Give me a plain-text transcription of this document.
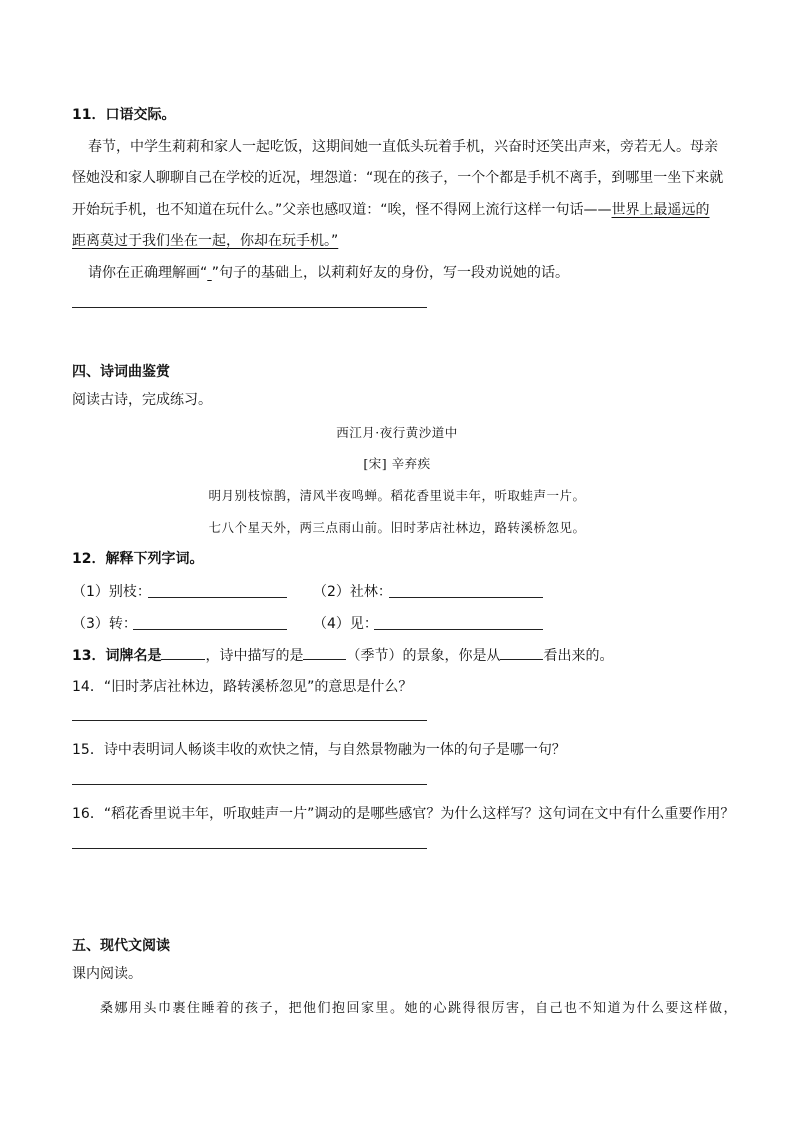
11．口语交际。
春节，中学生莉莉和家人一起吃饭，这期间她一直低头玩着手机，兴奋时还笑出声来，旁若无人。母亲
怪她没和家人聊聊自己在学校的近况，埋怨道：“现在的孩子，一个个都是手机不离手，到哪里一坐下来就
开始玩手机，也不知道在玩什么。”父亲也感叹道：“唉，怪不得网上流行这样一句话——世界上最遥远的
距离莫过于我们坐在一起，你却在玩手机。”
请你在正确理解画“ ”句子的基础上，以莉莉好友的身份，写一段劝说她的话。
四、诗词曲鉴赏
阅读古诗，完成练习。
西江月·夜行黄沙道中
[宋] 辛弃疾
明月别枝惊鹊，清风半夜鸣蝉。稻花香里说丰年，听取蛙声一片。
七八个星天外，两三点雨山前。旧时茅店社林边，路转溪桥忽见。
12．解释下列字词。
（1）别枝：	（2）社林：
（3）转：	（4）见：
13．词牌名是	，诗中描写的是	（季节）的景象，你是从	看出来的。
14．“旧时茅店社林边，路转溪桥忽见”的意思是什么？
15．诗中表明词人畅谈丰收的欢快之情，与自然景物融为一体的句子是哪一句？
16．“稻花香里说丰年，听取蛙声一片”调动的是哪些感官？为什么这样写？这句词在文中有什么重要作用？
五、现代文阅读
课内阅读。
桑娜用头巾裹住睡着的孩子，把他们抱回家里。她的心跳得很厉害，自己也不知道为什么要这样做，
